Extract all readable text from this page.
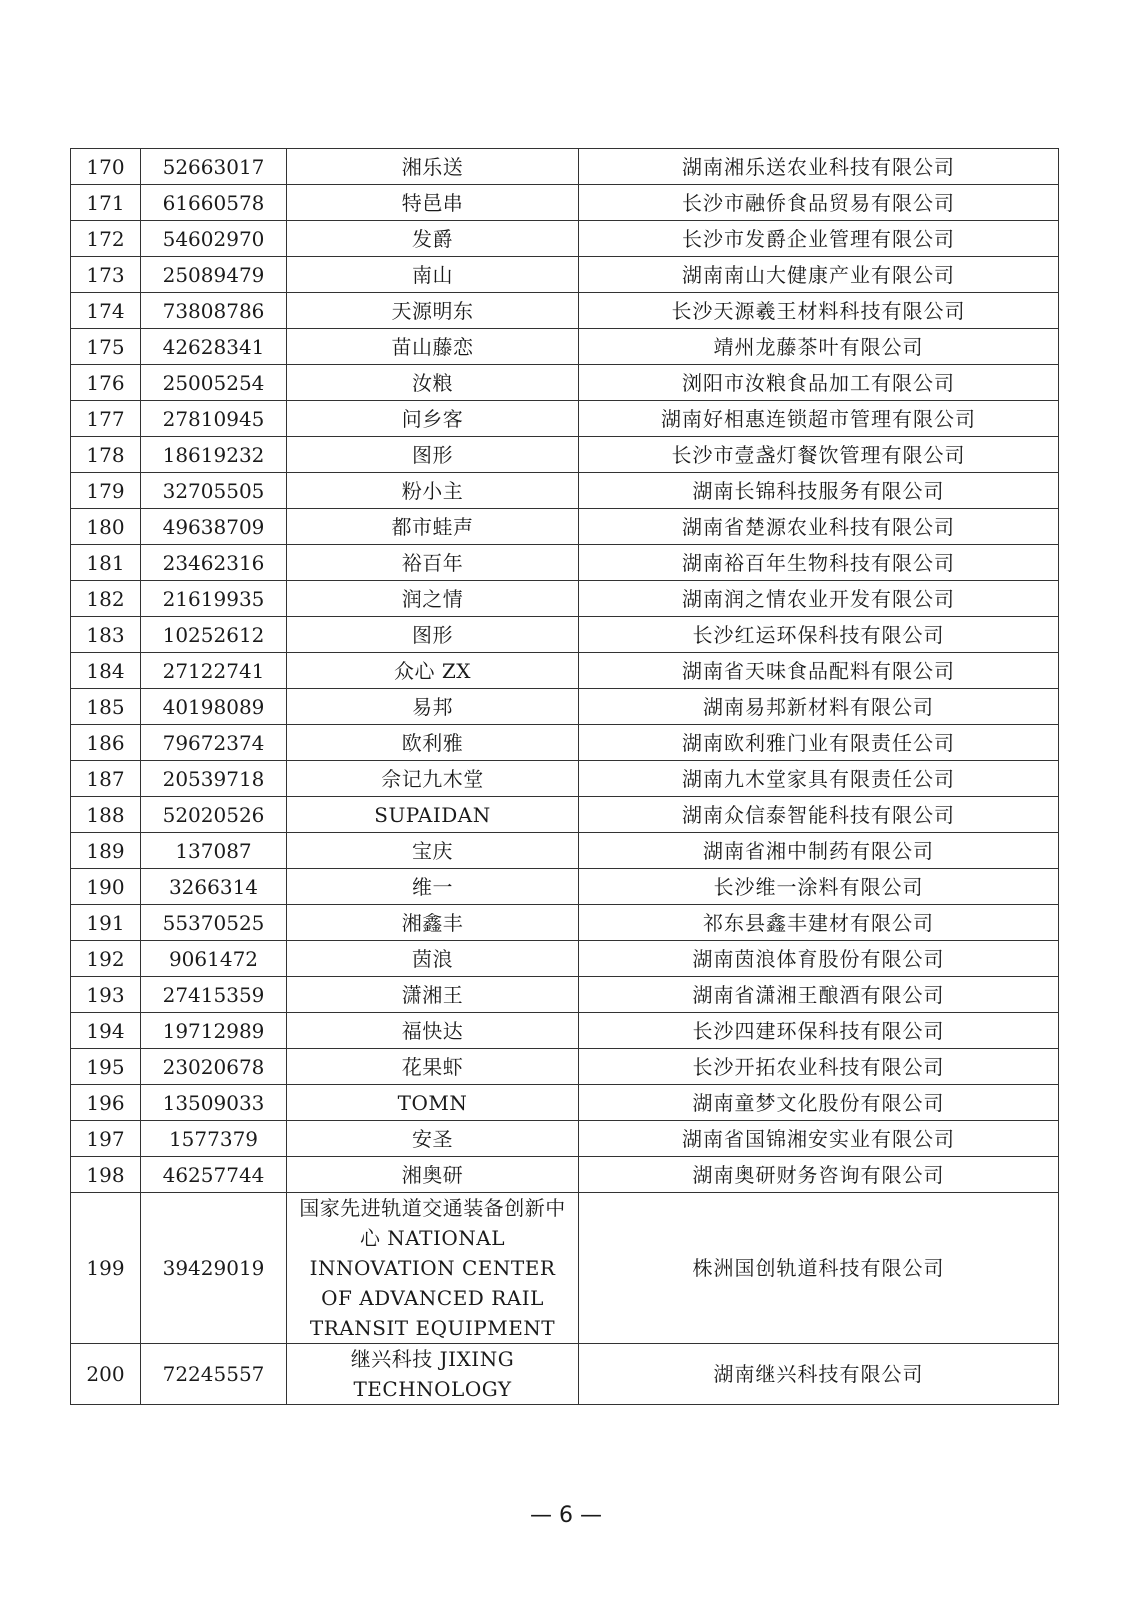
170	52663017	湘乐送	湖南湘乐送农业科技有限公司
171	61660578	特邑串	长沙市融侨食品贸易有限公司
172	54602970	发爵	长沙市发爵企业管理有限公司
173	25089479	南山	湖南南山大健康产业有限公司
174	73808786	天源明东	长沙天源羲王材料科技有限公司
175	42628341	苗山藤恋	靖州龙藤茶叶有限公司
176	25005254	汝粮	浏阳市汝粮食品加工有限公司
177	27810945	问乡客	湖南好相惠连锁超市管理有限公司
178	18619232	图形	长沙市壹盏灯餐饮管理有限公司
179	32705505	粉小主	湖南长锦科技服务有限公司
180	49638709	都市蛙声	湖南省楚源农业科技有限公司
181	23462316	裕百年	湖南裕百年生物科技有限公司
182	21619935	润之情	湖南润之情农业开发有限公司
183	10252612	图形	长沙红运环保科技有限公司
184	27122741	众心 ZX	湖南省天味食品配料有限公司
185	40198089	易邦	湖南易邦新材料有限公司
186	79672374	欧利雅	湖南欧利雅门业有限责任公司
187	20539718	佘记九木堂	湖南九木堂家具有限责任公司
188	52020526	SUPAIDAN	湖南众信泰智能科技有限公司
189	137087	宝庆	湖南省湘中制药有限公司
190	3266314	维一	长沙维一涂料有限公司
191	55370525	湘鑫丰	祁东县鑫丰建材有限公司
192	9061472	茵浪	湖南茵浪体育股份有限公司
193	27415359	潇湘王	湖南省潇湘王酿酒有限公司
194	19712989	福快达	长沙四建环保科技有限公司
195	23020678	花果虾	长沙开拓农业科技有限公司
196	13509033	TOMN	湖南童梦文化股份有限公司
197	1577379	安圣	湖南省国锦湘安实业有限公司
198	46257744	湘奥研	湖南奥研财务咨询有限公司
199	39429019	国家先进轨道交通装备创新中心 NATIONAL INNOVATION CENTER OF ADVANCED RAIL TRANSIT EQUIPMENT	株洲国创轨道科技有限公司
200	72245557	继兴科技 JIXING TECHNOLOGY	湖南继兴科技有限公司
— 6 —
